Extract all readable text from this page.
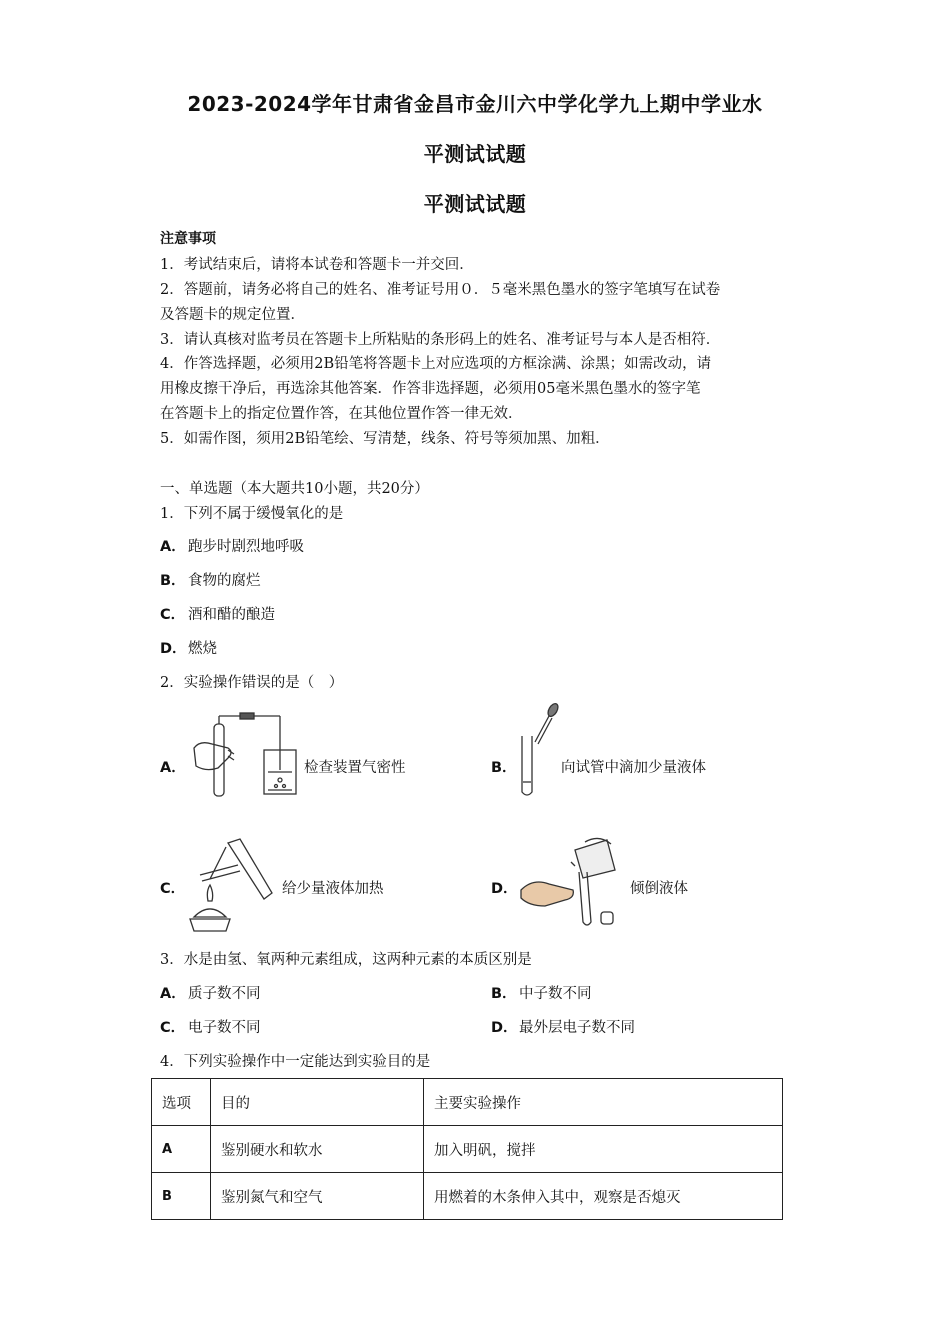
2023-2024学年甘肃省金昌市金川六中学化学九上期中学业水
平测试试题
平测试试题
注意事项
1．考试结束后，请将本试卷和答题卡一并交回．
2．答题前，请务必将自己的姓名、准考证号用０．５毫米黑色墨水的签字笔填写在试卷
及答题卡的规定位置．
3．请认真核对监考员在答题卡上所粘贴的条形码上的姓名、准考证号与本人是否相符．
4．作答选择题，必须用2B铅笔将答题卡上对应选项的方框涂满、涂黑；如需改动，请
用橡皮擦干净后，再选涂其他答案．作答非选择题，必须用05毫米黑色墨水的签字笔
在答题卡上的指定位置作答，在其他位置作答一律无效．
5．如需作图，须用2B铅笔绘、写清楚，线条、符号等须加黑、加粗．
一、单选题（本大题共10小题，共20分）
1．下列不属于缓慢氧化的是
A． 跑步时剧烈地呼吸
B． 食物的腐烂
C． 酒和醋的酿造
D． 燃烧
2．实验操作错误的是（　）
A．	检查装置气密性	B．	向试管中滴加少量液体
C．	给少量液体加热	D．	倾倒液体
3．水是由氢、氧两种元素组成，这两种元素的本质区别是
A． 质子数不同	B． 中子数不同
C． 电子数不同	D． 最外层电子数不同
4．下列实验操作中一定能达到实验目的是
选项	目的	主要实验操作
A	鉴别硬水和软水	加入明矾，搅拌
B	鉴别氮气和空气	用燃着的木条伸入其中，观察是否熄灭
